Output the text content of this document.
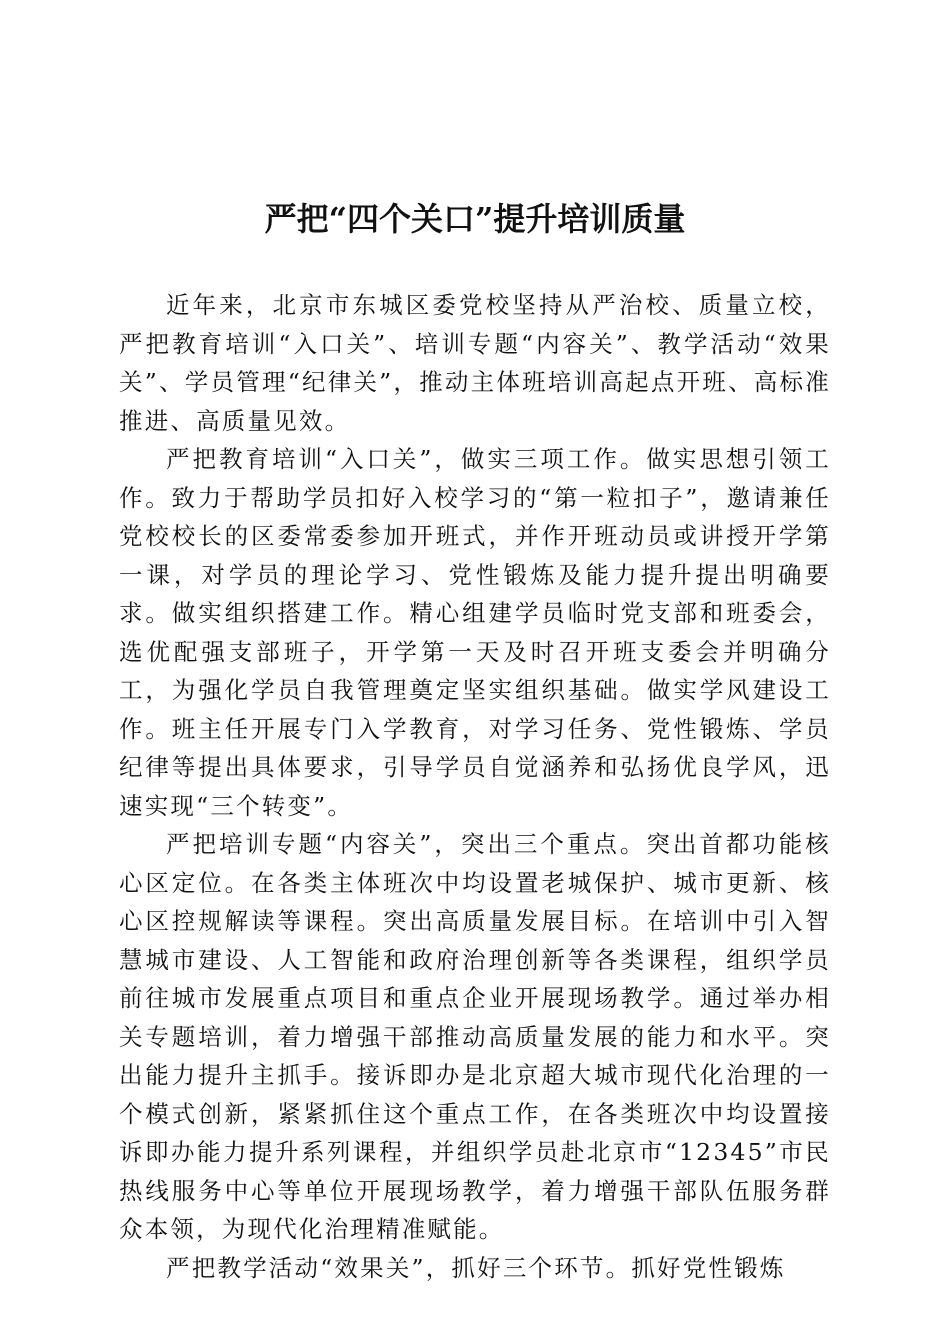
严把“四个关口”提升培训质量

近年来，北京市东城区委党校坚持从严治校、质量立校，严把教育培训“入口关”、培训专题“内容关”、教学活动“效果关”、学员管理“纪律关”，推动主体班培训高起点开班、高标准推进、高质量见效。

严把教育培训“入口关”，做实三项工作。做实思想引领工作。致力于帮助学员扣好入校学习的“第一粒扣子”，邀请兼任党校校长的区委常委参加开班式，并作开班动员或讲授开学第一课，对学员的理论学习、党性锻炼及能力提升提出明确要求。做实组织搭建工作。精心组建学员临时党支部和班委会，选优配强支部班子，开学第一天及时召开班支委会并明确分工，为强化学员自我管理奠定坚实组织基础。做实学风建设工作。班主任开展专门入学教育，对学习任务、党性锻炼、学员纪律等提出具体要求，引导学员自觉涵养和弘扬优良学风，迅速实现“三个转变”。

严把培训专题“内容关”，突出三个重点。突出首都功能核心区定位。在各类主体班次中均设置老城保护、城市更新、核心区控规解读等课程。突出高质量发展目标。在培训中引入智慧城市建设、人工智能和政府治理创新等各类课程，组织学员前往城市发展重点项目和重点企业开展现场教学。通过举办相关专题培训，着力增强干部推动高质量发展的能力和水平。突出能力提升主抓手。接诉即办是北京超大城市现代化治理的一个模式创新，紧紧抓住这个重点工作，在各类班次中均设置接诉即办能力提升系列课程，并组织学员赴北京市“12345”市民热线服务中心等单位开展现场教学，着力增强干部队伍服务群众本领，为现代化治理精准赋能。

严把教学活动“效果关”，抓好三个环节。抓好党性锻炼
